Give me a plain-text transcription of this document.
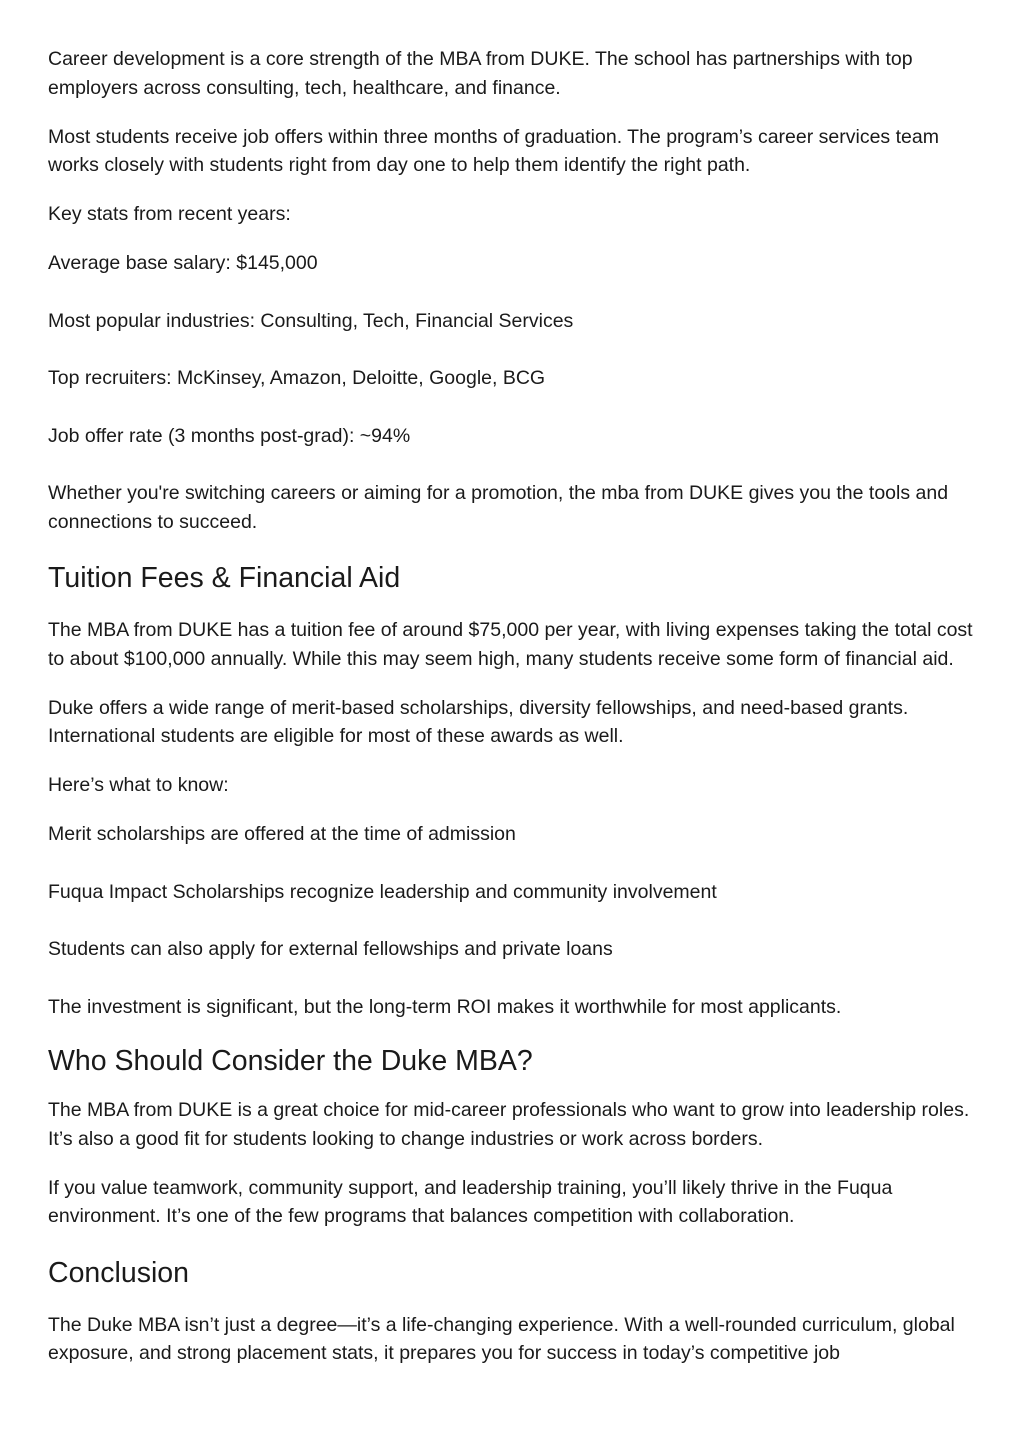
Career development is a core strength of the MBA from DUKE. The school has partnerships with top employers across consulting, tech, healthcare, and finance.

Most students receive job offers within three months of graduation. The program’s career services team works closely with students right from day one to help them identify the right path.

Key stats from recent years:

Average base salary: $145,000

Most popular industries: Consulting, Tech, Financial Services

Top recruiters: McKinsey, Amazon, Deloitte, Google, BCG

Job offer rate (3 months post-grad): ~94%

Whether you're switching careers or aiming for a promotion, the mba from DUKE gives you the tools and connections to succeed.

Tuition Fees & Financial Aid

The MBA from DUKE has a tuition fee of around $75,000 per year, with living expenses taking the total cost to about $100,000 annually. While this may seem high, many students receive some form of financial aid.

Duke offers a wide range of merit-based scholarships, diversity fellowships, and need-based grants. International students are eligible for most of these awards as well.

Here’s what to know:

Merit scholarships are offered at the time of admission

Fuqua Impact Scholarships recognize leadership and community involvement

Students can also apply for external fellowships and private loans

The investment is significant, but the long-term ROI makes it worthwhile for most applicants.

Who Should Consider the Duke MBA?

The MBA from DUKE is a great choice for mid-career professionals who want to grow into leadership roles. It’s also a good fit for students looking to change industries or work across borders.

If you value teamwork, community support, and leadership training, you’ll likely thrive in the Fuqua environment. It’s one of the few programs that balances competition with collaboration.

Conclusion

The Duke MBA isn’t just a degree—it’s a life-changing experience. With a well-rounded curriculum, global exposure, and strong placement stats, it prepares you for success in today’s competitive job
